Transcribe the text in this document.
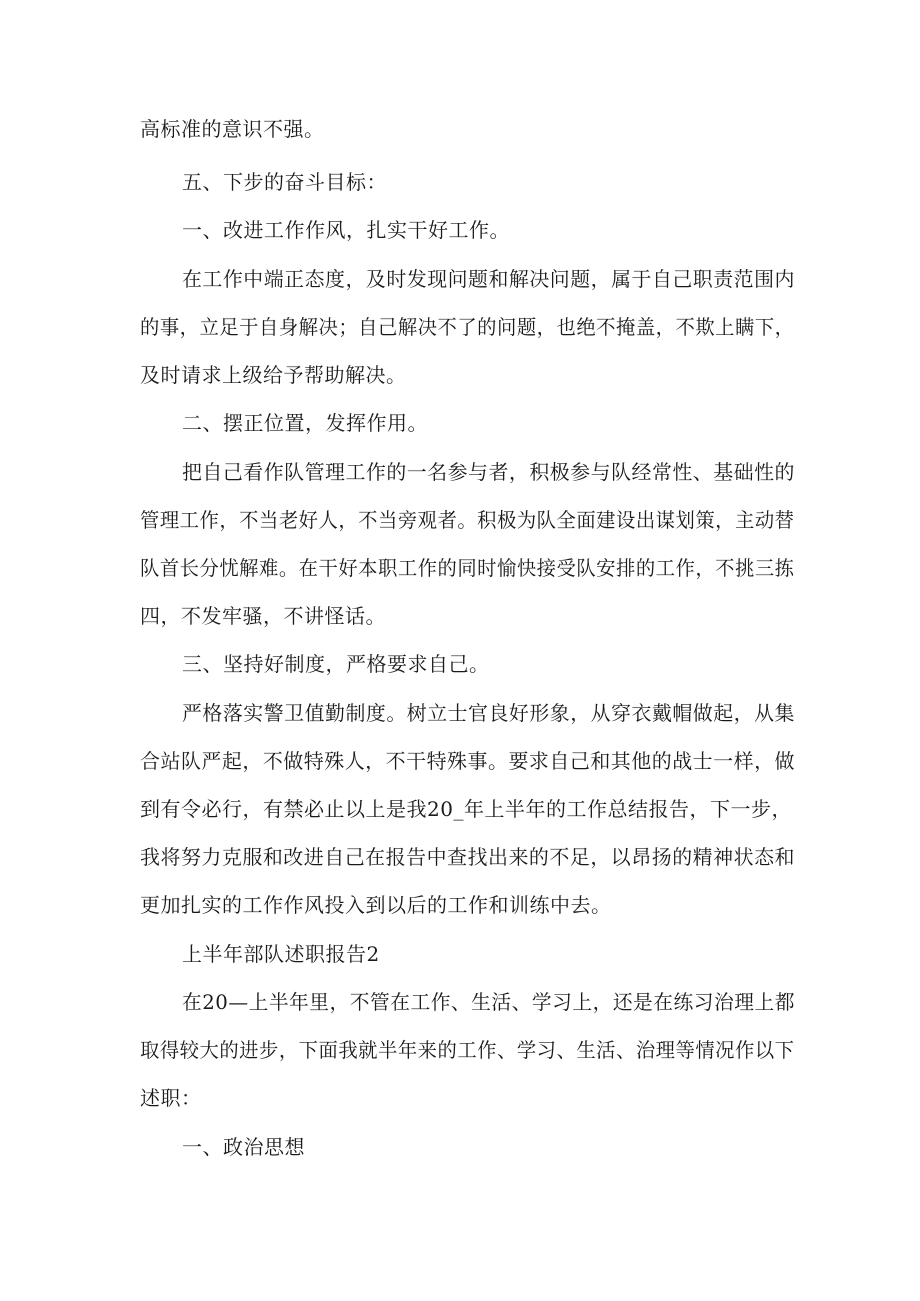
高标准的意识不强。
五、下步的奋斗目标：
一、改进工作作风，扎实干好工作。
在工作中端正态度，及时发现问题和解决问题，属于自己职责范围内
的事，立足于自身解决；自己解决不了的问题，也绝不掩盖，不欺上瞒下，
及时请求上级给予帮助解决。
二、摆正位置，发挥作用。
把自己看作队管理工作的一名参与者，积极参与队经常性、基础性的
管理工作，不当老好人，不当旁观者。积极为队全面建设出谋划策，主动替
队首长分忧解难。在干好本职工作的同时愉快接受队安排的工作，不挑三拣
四，不发牢骚，不讲怪话。
三、坚持好制度，严格要求自己。
严格落实警卫值勤制度。树立士官良好形象，从穿衣戴帽做起，从集
合站队严起，不做特殊人，不干特殊事。要求自己和其他的战士一样，做
到有令必行，有禁必止以上是我20_年上半年的工作总结报告，下一步，
我将努力克服和改进自己在报告中查找出来的不足，以昂扬的精神状态和
更加扎实的工作作风投入到以后的工作和训练中去。
上半年部队述职报告2
在20—上半年里，不管在工作、生活、学习上，还是在练习治理上都
取得较大的进步，下面我就半年来的工作、学习、生活、治理等情况作以下
述职：
一、政治思想
